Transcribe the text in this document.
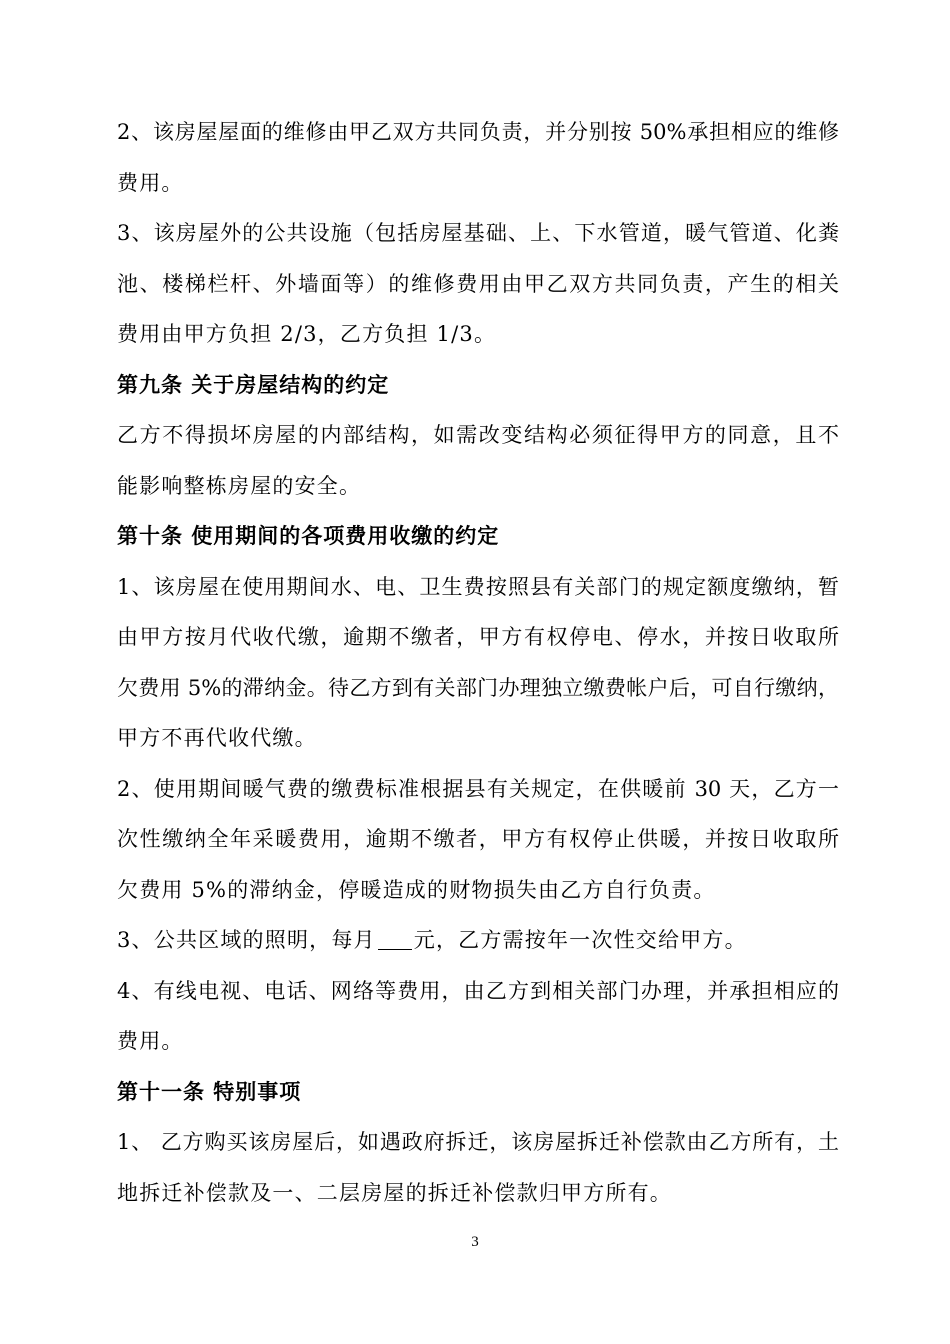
2、该房屋屋面的维修由甲乙双方共同负责，并分别按 50%承担相应的维修
费用。
3、该房屋外的公共设施（包括房屋基础、上、下水管道，暖气管道、化粪
池、楼梯栏杆、外墙面等）的维修费用由甲乙双方共同负责，产生的相关
费用由甲方负担 2/3，乙方负担 1/3。
第九条 关于房屋结构的约定
乙方不得损坏房屋的内部结构，如需改变结构必须征得甲方的同意，且不
能影响整栋房屋的安全。
第十条 使用期间的各项费用收缴的约定
1、该房屋在使用期间水、电、卫生费按照县有关部门的规定额度缴纳，暂
由甲方按月代收代缴，逾期不缴者，甲方有权停电、停水，并按日收取所
欠费用 5%的滞纳金。待乙方到有关部门办理独立缴费帐户后，可自行缴纳，
甲方不再代收代缴。
2、使用期间暖气费的缴费标准根据县有关规定，在供暖前 30 天，乙方一
次性缴纳全年采暖费用，逾期不缴者，甲方有权停止供暖，并按日收取所
欠费用 5%的滞纳金，停暖造成的财物损失由乙方自行负责。
3、公共区域的照明，每月 元，乙方需按年一次性交给甲方。
4、有线电视、电话、网络等费用，由乙方到相关部门办理，并承担相应的
费用。
第十一条 特别事项
1、 乙方购买该房屋后，如遇政府拆迁，该房屋拆迁补偿款由乙方所有，土
地拆迁补偿款及一、二层房屋的拆迁补偿款归甲方所有。
3
